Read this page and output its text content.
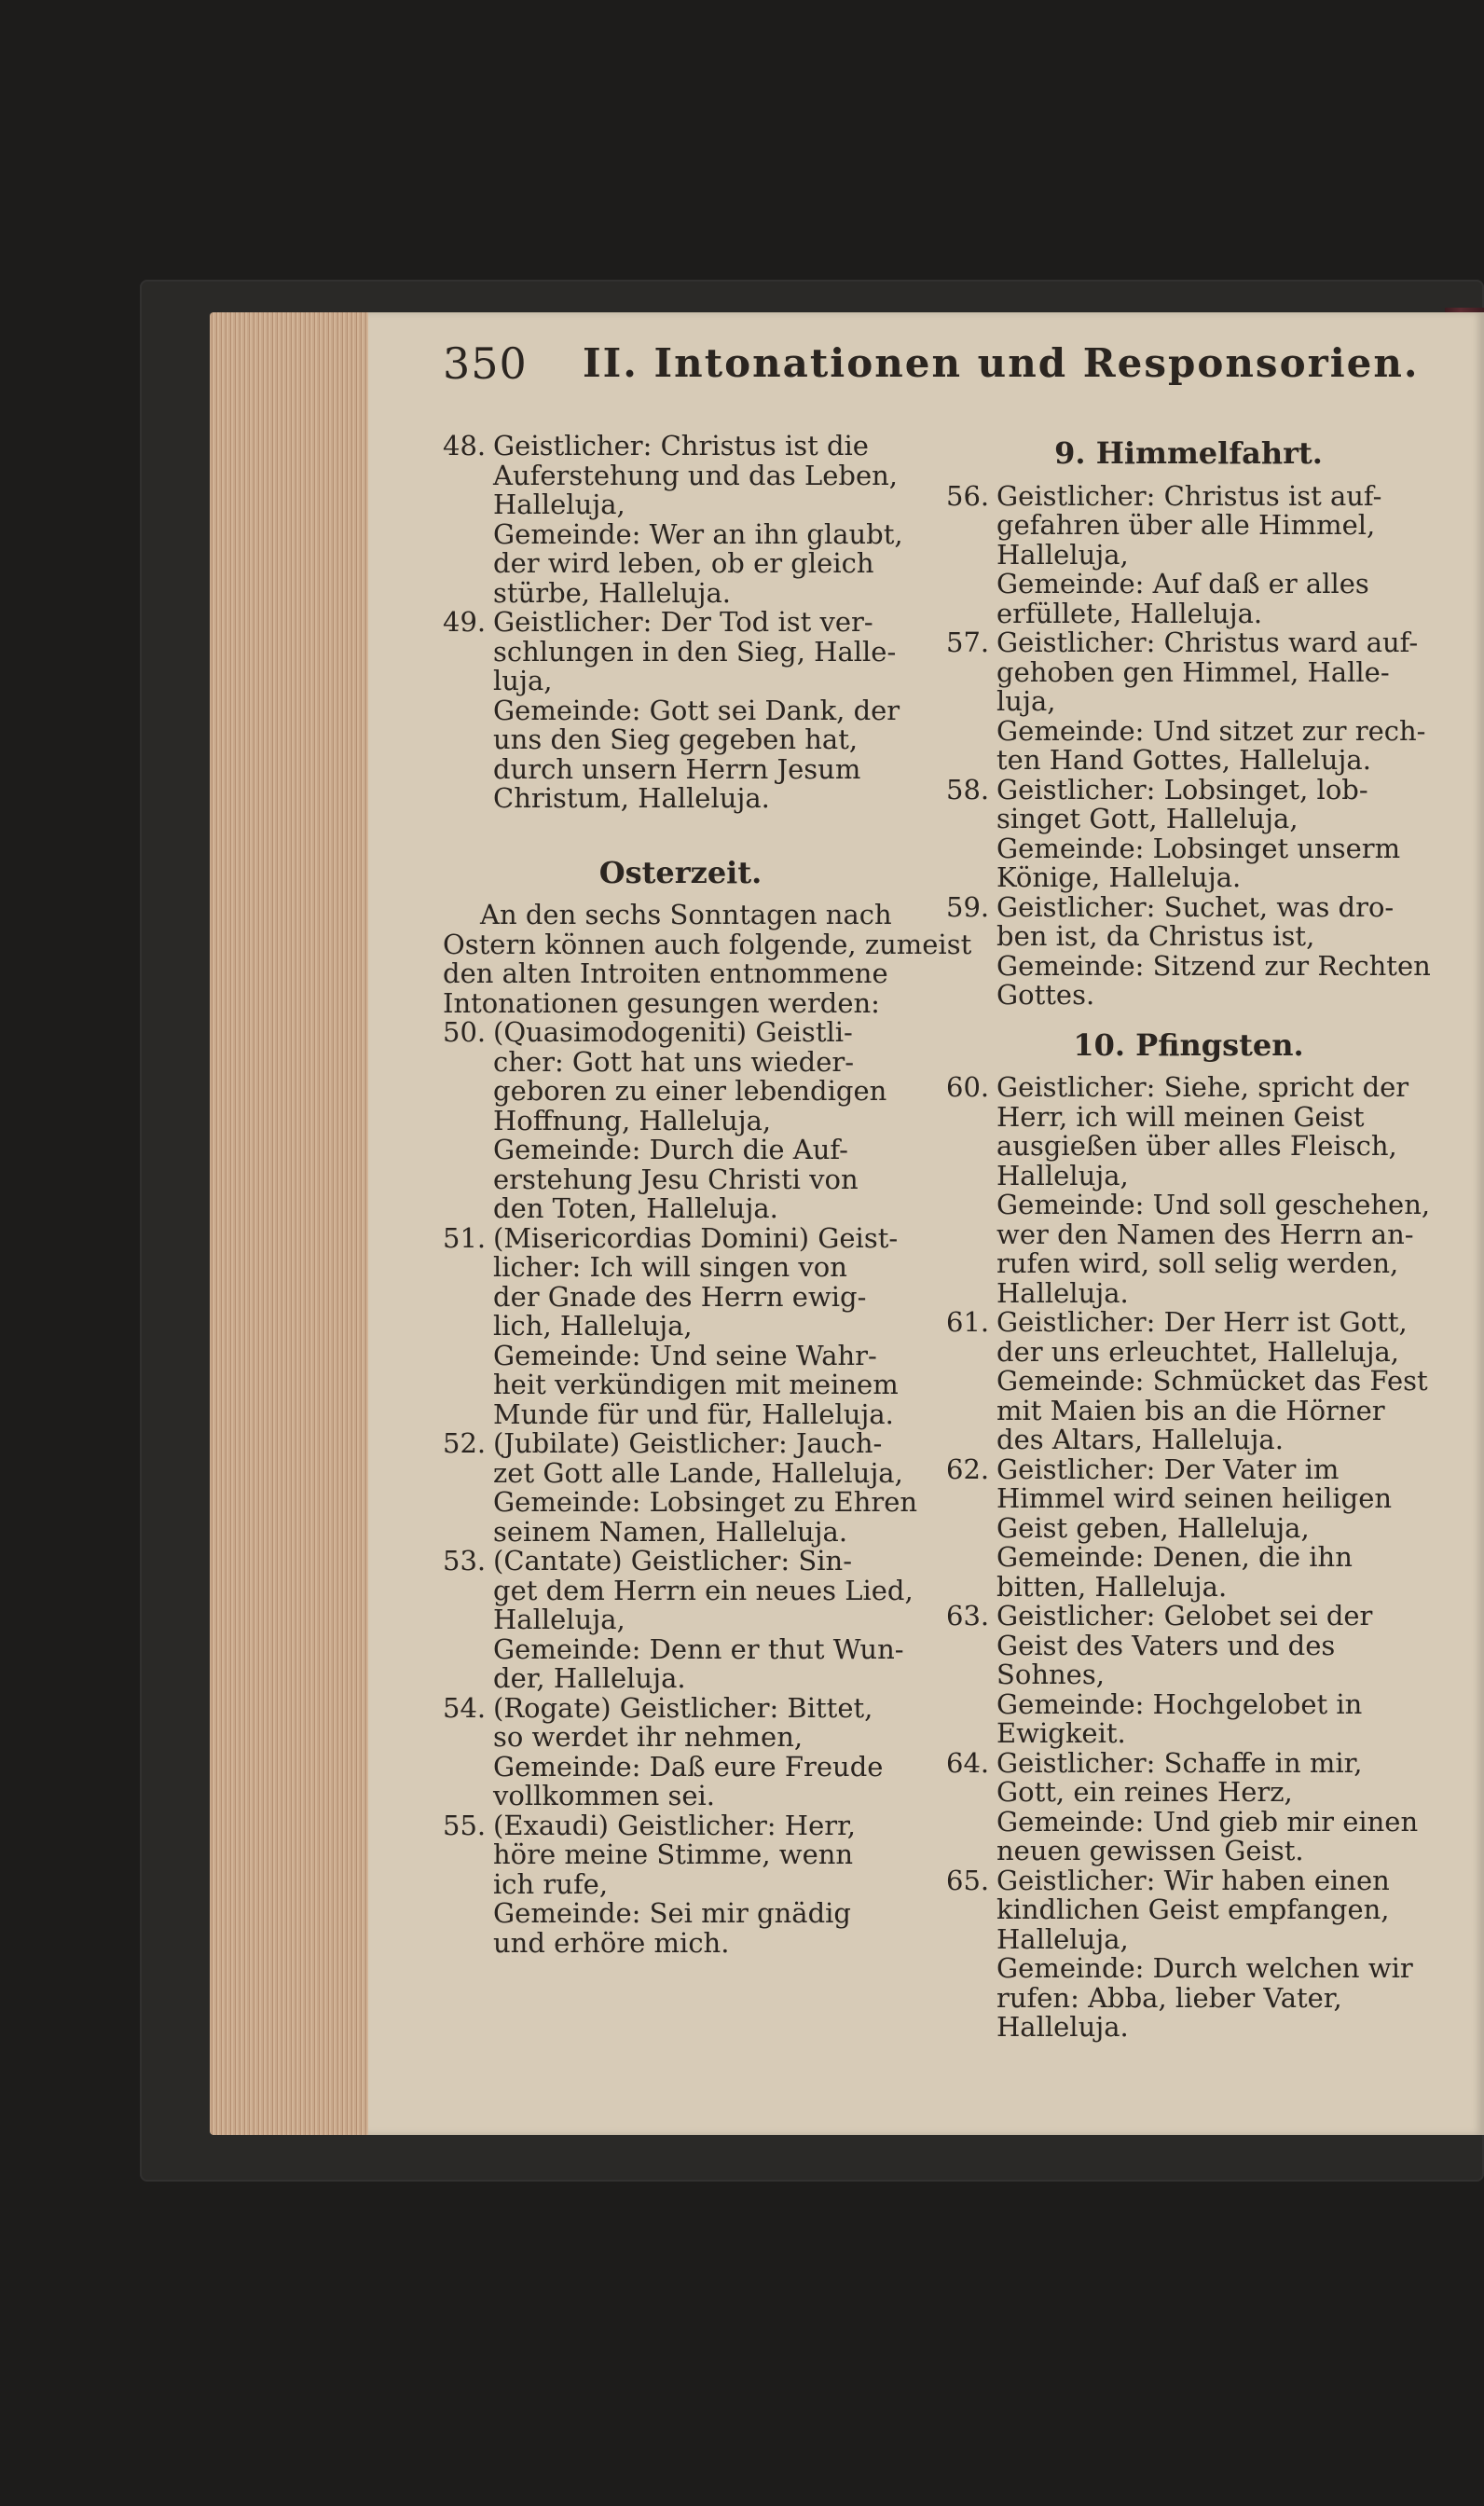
350 II. Intonationen und Responsorien.
48. Geistlicher: Christus ist die
Auferstehung und das Leben,
Halleluja,
Gemeinde: Wer an ihn glaubt,
der wird leben, ob er gleich
stürbe, Halleluja.
49. Geistlicher: Der Tod ist ver-
schlungen in den Sieg, Halle-
luja,
Gemeinde: Gott sei Dank, der
uns den Sieg gegeben hat,
durch unsern Herrn Jesum
Christum, Halleluja.
Osterzeit.
An den sechs Sonntagen nach
Ostern können auch folgende, zumeist
den alten Introiten entnommene
Intonationen gesungen werden:
50. (Quasimodogeniti) Geistli-
cher: Gott hat uns wieder-
geboren zu einer lebendigen
Hoffnung, Halleluja,
Gemeinde: Durch die Auf-
erstehung Jesu Christi von
den Toten, Halleluja.
51. (Misericordias Domini) Geist-
licher: Ich will singen von
der Gnade des Herrn ewig-
lich, Halleluja,
Gemeinde: Und seine Wahr-
heit verkündigen mit meinem
Munde für und für, Halleluja.
52. (Jubilate) Geistlicher: Jauch-
zet Gott alle Lande, Halleluja,
Gemeinde: Lobsinget zu Ehren
seinem Namen, Halleluja.
53. (Cantate) Geistlicher: Sin-
get dem Herrn ein neues Lied,
Halleluja,
Gemeinde: Denn er thut Wun-
der, Halleluja.
54. (Rogate) Geistlicher: Bittet,
so werdet ihr nehmen,
Gemeinde: Daß eure Freude
vollkommen sei.
55. (Exaudi) Geistlicher: Herr,
höre meine Stimme, wenn
ich rufe,
Gemeinde: Sei mir gnädig
und erhöre mich.
9. Himmelfahrt.
56. Geistlicher: Christus ist auf-
gefahren über alle Himmel,
Halleluja,
Gemeinde: Auf daß er alles
erfüllete, Halleluja.
57. Geistlicher: Christus ward auf-
gehoben gen Himmel, Halle-
luja,
Gemeinde: Und sitzet zur rech-
ten Hand Gottes, Halleluja.
58. Geistlicher: Lobsinget, lob-
singet Gott, Halleluja,
Gemeinde: Lobsinget unserm
Könige, Halleluja.
59. Geistlicher: Suchet, was dro-
ben ist, da Christus ist,
Gemeinde: Sitzend zur Rechten
Gottes.
10. Pfingsten.
60. Geistlicher: Siehe, spricht der
Herr, ich will meinen Geist
ausgießen über alles Fleisch,
Halleluja,
Gemeinde: Und soll geschehen,
wer den Namen des Herrn an-
rufen wird, soll selig werden,
Halleluja.
61. Geistlicher: Der Herr ist Gott,
der uns erleuchtet, Halleluja,
Gemeinde: Schmücket das Fest
mit Maien bis an die Hörner
des Altars, Halleluja.
62. Geistlicher: Der Vater im
Himmel wird seinen heiligen
Geist geben, Halleluja,
Gemeinde: Denen, die ihn
bitten, Halleluja.
63. Geistlicher: Gelobet sei der
Geist des Vaters und des
Sohnes,
Gemeinde: Hochgelobet in
Ewigkeit.
64. Geistlicher: Schaffe in mir,
Gott, ein reines Herz,
Gemeinde: Und gieb mir einen
neuen gewissen Geist.
65. Geistlicher: Wir haben einen
kindlichen Geist empfangen,
Halleluja,
Gemeinde: Durch welchen wir
rufen: Abba, lieber Vater,
Halleluja.
